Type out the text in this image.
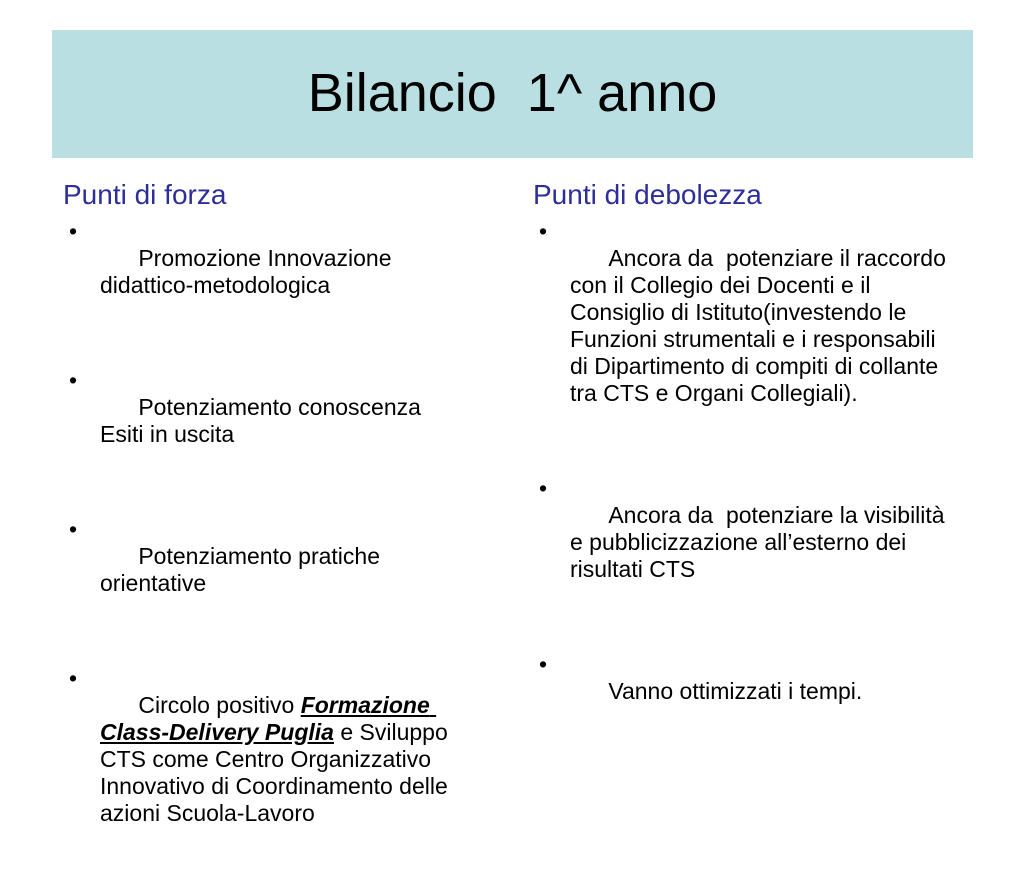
Bilancio  1^ anno
Punti di forza

•
Promozione Innovazione didattico-metodologica

•
Potenziamento conoscenza Esiti in uscita

•
Potenziamento pratiche orientative

•
Circolo positivo Formazione Class-Delivery Puglia e Sviluppo CTS come Centro Organizzativo Innovativo di Coordinamento delle azioni Scuola-Lavoro

Punti di debolezza

•
Ancora da  potenziare il raccordo con il Collegio dei Docenti e il Consiglio di Istituto(investendo le Funzioni strumentali e i responsabili di Dipartimento di compiti di collante tra CTS e Organi Collegiali).

•
Ancora da  potenziare la visibilità e pubblicizzazione all’esterno dei risultati CTS

•
Vanno ottimizzati i tempi.
